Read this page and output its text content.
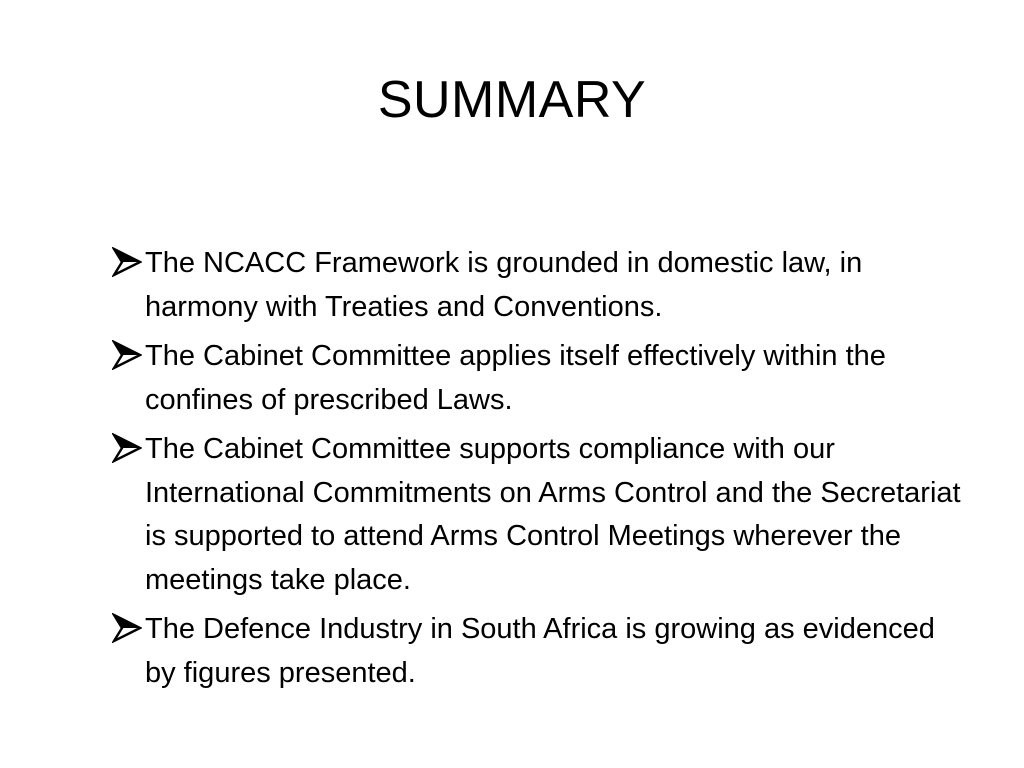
SUMMARY
The NCACC Framework is grounded in domestic law, in harmony with Treaties and Conventions.
The Cabinet Committee applies itself effectively within the confines of prescribed Laws.
The Cabinet Committee supports compliance with our International Commitments on Arms Control and the Secretariat is supported to attend Arms Control Meetings wherever the meetings take place.
The Defence Industry in South Africa is growing as evidenced by figures presented.
